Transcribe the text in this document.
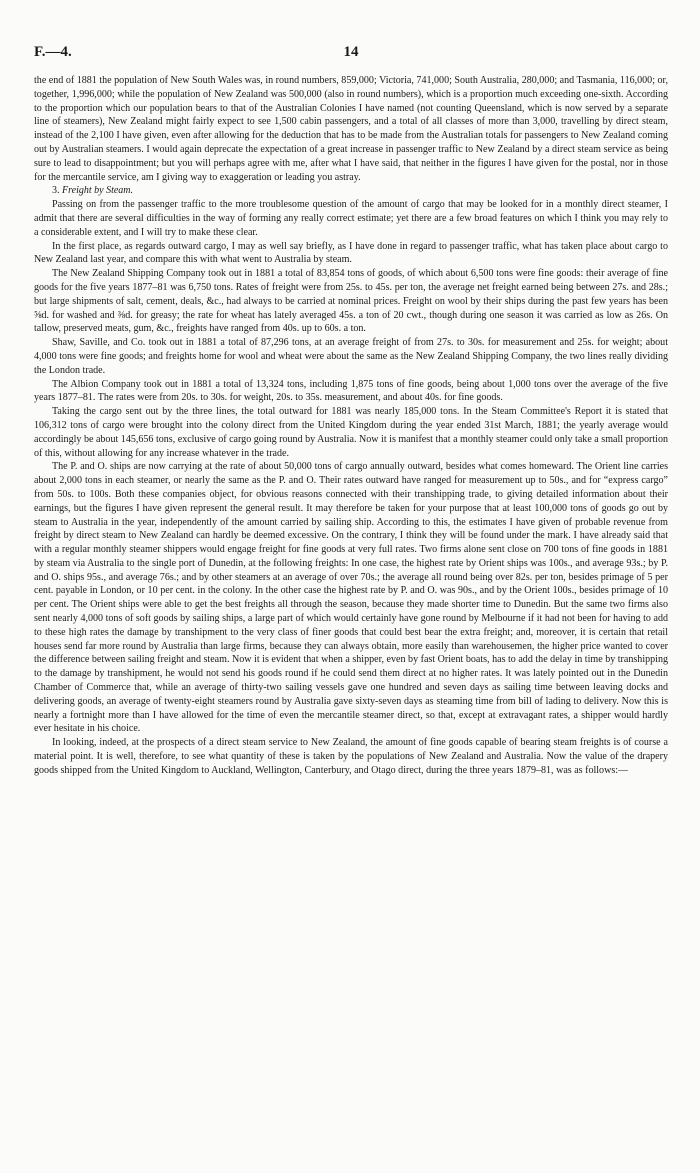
F.—4.	14

the end of 1881 the population of New South Wales was, in round numbers, 859,000; Victoria, 741,000; South Australia, 280,000; and Tasmania, 116,000; or, together, 1,996,000; while the population of New Zealand was 500,000 (also in round numbers), which is a proportion much exceeding one-sixth. According to the proportion which our population bears to that of the Australian Colonies I have named (not counting Queensland, which is now served by a separate line of steamers), New Zealand might fairly expect to see 1,500 cabin passengers, and a total of all classes of more than 3,000, travelling by direct steam, instead of the 2,100 I have given, even after allowing for the deduction that has to be made from the Australian totals for passengers to New Zealand coming out by Australian steamers. I would again deprecate the expectation of a great increase in passenger traffic to New Zealand by a direct steam service as being sure to lead to disappointment; but you will perhaps agree with me, after what I have said, that neither in the figures I have given for the postal, nor in those for the mercantile service, am I giving way to exaggeration or leading you astray.

3. Freight by Steam.

Passing on from the passenger traffic to the more troublesome question of the amount of cargo that may be looked for in a monthly direct steamer, I admit that there are several difficulties in the way of forming any really correct estimate; yet there are a few broad features on which I think you may rely to a considerable extent, and I will try to make these clear.

In the first place, as regards outward cargo, I may as well say briefly, as I have done in regard to passenger traffic, what has taken place about cargo to New Zealand last year, and compare this with what went to Australia by steam.

The New Zealand Shipping Company took out in 1881 a total of 83,854 tons of goods, of which about 6,500 tons were fine goods: their average of fine goods for the five years 1877–81 was 6,750 tons. Rates of freight were from 25s. to 45s. per ton, the average net freight earned being between 27s. and 28s.; but large shipments of salt, cement, deals, &c., had always to be carried at nominal prices. Freight on wool by their ships during the past few years has been ⅝d. for washed and ⅜d. for greasy; the rate for wheat has lately averaged 45s. a ton of 20 cwt., though during one season it was carried as low as 26s. On tallow, preserved meats, gum, &c., freights have ranged from 40s. up to 60s. a ton.

Shaw, Saville, and Co. took out in 1881 a total of 87,296 tons, at an average freight of from 27s. to 30s. for measurement and 25s. for weight; about 4,000 tons were fine goods; and freights home for wool and wheat were about the same as the New Zealand Shipping Company, the two lines really dividing the London trade.

The Albion Company took out in 1881 a total of 13,324 tons, including 1,875 tons of fine goods, being about 1,000 tons over the average of the five years 1877–81. The rates were from 20s. to 30s. for weight, 20s. to 35s. measurement, and about 40s. for fine goods.

Taking the cargo sent out by the three lines, the total outward for 1881 was nearly 185,000 tons. In the Steam Committee's Report it is stated that 106,312 tons of cargo were brought into the colony direct from the United Kingdom during the year ended 31st March, 1881; the yearly average would accordingly be about 145,656 tons, exclusive of cargo going round by Australia. Now it is manifest that a monthly steamer could only take a small proportion of this, without allowing for any increase whatever in the trade.

The P. and O. ships are now carrying at the rate of about 50,000 tons of cargo annually outward, besides what comes homeward. The Orient line carries about 2,000 tons in each steamer, or nearly the same as the P. and O. Their rates outward have ranged for measurement up to 50s., and for “express cargo” from 50s. to 100s. Both these companies object, for obvious reasons connected with their transhipping trade, to giving detailed information about their earnings, but the figures I have given represent the general result. It may therefore be taken for your purpose that at least 100,000 tons of goods go out by steam to Australia in the year, independently of the amount carried by sailing ship. According to this, the estimates I have given of probable revenue from freight by direct steam to New Zealand can hardly be deemed excessive. On the contrary, I think they will be found under the mark. I have already said that with a regular monthly steamer shippers would engage freight for fine goods at very full rates. Two firms alone sent close on 700 tons of fine goods in 1881 by steam via Australia to the single port of Dunedin, at the following freights: In one case, the highest rate by Orient ships was 100s., and average 93s.; by P. and O. ships 95s., and average 76s.; and by other steamers at an average of over 70s.; the average all round being over 82s. per ton, besides primage of 5 per cent. payable in London, or 10 per cent. in the colony. In the other case the highest rate by P. and O. was 90s., and by the Orient 100s., besides primage of 10 per cent. The Orient ships were able to get the best freights all through the season, because they made shorter time to Dunedin. But the same two firms also sent nearly 4,000 tons of soft goods by sailing ships, a large part of which would certainly have gone round by Melbourne if it had not been for having to add to these high rates the damage by transhipment to the very class of finer goods that could best bear the extra freight; and, moreover, it is certain that retail houses send far more round by Australia than large firms, because they can always obtain, more easily than warehousemen, the higher price wanted to cover the difference between sailing freight and steam. Now it is evident that when a shipper, even by fast Orient boats, has to add the delay in time by transhipping to the damage by transhipment, he would not send his goods round if he could send them direct at no higher rates. It was lately pointed out in the Dunedin Chamber of Commerce that, while an average of thirty-two sailing vessels gave one hundred and seven days as sailing time between leaving docks and delivering goods, an average of twenty-eight steamers round by Australia gave sixty-seven days as steaming time from bill of lading to delivery. Now this is nearly a fortnight more than I have allowed for the time of even the mercantile steamer direct, so that, except at extravagant rates, a shipper would hardly ever hesitate in his choice.

In looking, indeed, at the prospects of a direct steam service to New Zealand, the amount of fine goods capable of bearing steam freights is of course a material point. It is well, therefore, to see what quantity of these is taken by the populations of New Zealand and Australia. Now the value of the drapery goods shipped from the United Kingdom to Auckland, Wellington, Canterbury, and Otago direct, during the three years 1879–81, was as follows:—
